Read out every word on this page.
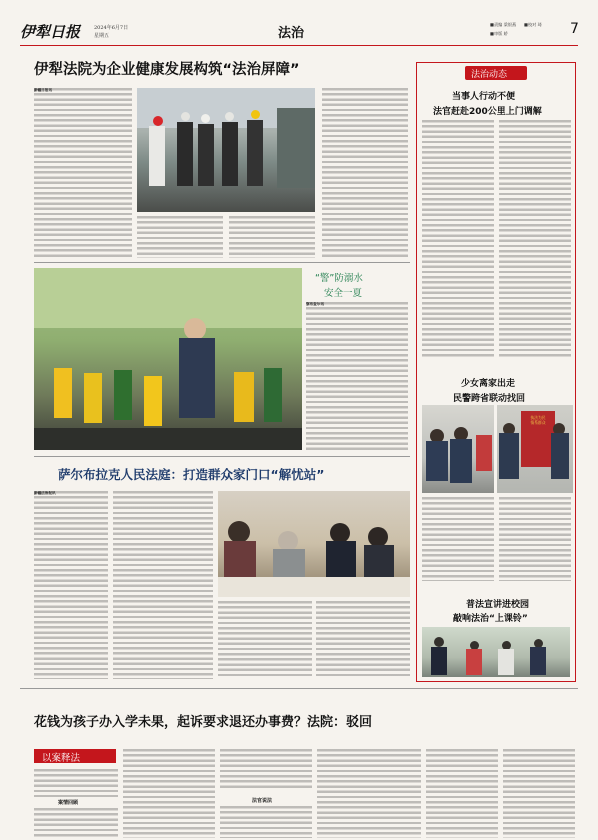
伊犁日报	2024年6月7日
星期五	法治
■责编 梁银燕 ■校对 琦
■审版 娇	7
伊犁法院为企业健康发展构筑“法治屏障”
新疆日报讯
“警”防溺水
安全一夏
察布查尔讯
萨尔布拉克人民法庭：打造群众家门口“解忧站”
新疆法治报讯
法治动态
当事人行动不便
法官赶赴200公里上门调解
少女离家出走
民警跨省联动找回
执法为民 情系群众
普法宣讲进校园
敲响法治“上课铃”
花钱为孩子办入学未果，起诉要求退还办事费？法院：驳回
以案释法
案情回顾	法官说法
